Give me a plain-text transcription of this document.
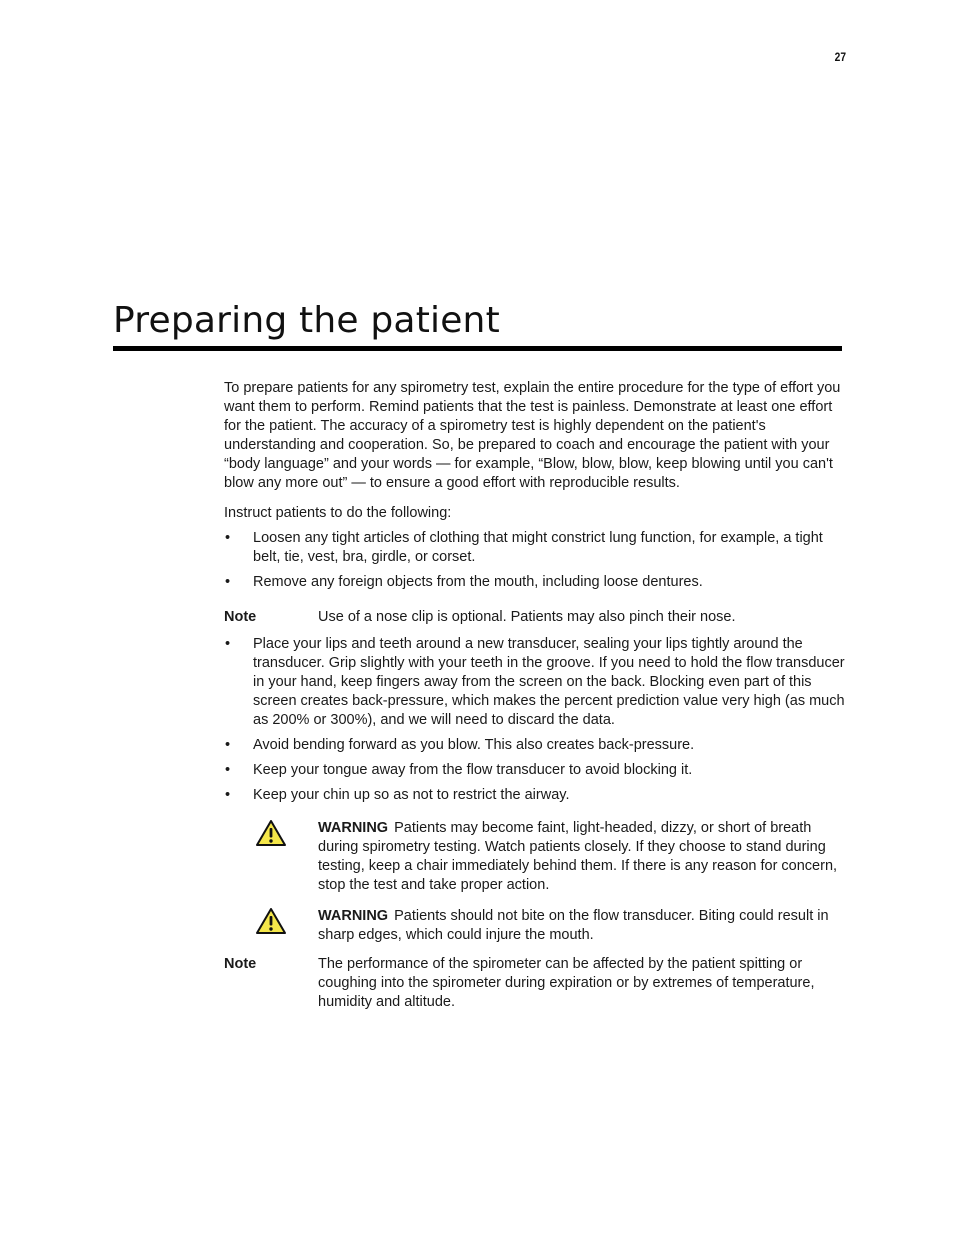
27
Preparing the patient

To prepare patients for any spirometry test, explain the entire procedure for the type of effort you want them to perform. Remind patients that the test is painless. Demonstrate at least one effort for the patient. The accuracy of a spirometry test is highly dependent on the patient's understanding and cooperation. So, be prepared to coach and encourage the patient with your “body language” and your words — for example, “Blow, blow, blow, keep blowing until you can't blow any more out” — to ensure a good effort with reproducible results.

Instruct patients to do the following:

• Loosen any tight articles of clothing that might constrict lung function, for example, a tight belt, tie, vest, bra, girdle, or corset.
• Remove any foreign objects from the mouth, including loose dentures.
Note	Use of a nose clip is optional. Patients may also pinch their nose.
• Place your lips and teeth around a new transducer, sealing your lips tightly around the transducer. Grip slightly with your teeth in the groove. If you need to hold the flow transducer in your hand, keep fingers away from the screen on the back. Blocking even part of this screen creates back-pressure, which makes the percent prediction value very high (as much as 200% or 300%), and we will need to discard the data.
• Avoid bending forward as you blow. This also creates back-pressure.
• Keep your tongue away from the flow transducer to avoid blocking it.
• Keep your chin up so as not to restrict the airway.
WARNING Patients may become faint, light-headed, dizzy, or short of breath during spirometry testing. Watch patients closely. If they choose to stand during testing, keep a chair immediately behind them. If there is any reason for concern, stop the test and take proper action.
WARNING Patients should not bite on the flow transducer. Biting could result in sharp edges, which could injure the mouth.
Note	The performance of the spirometer can be affected by the patient spitting or coughing into the spirometer during expiration or by extremes of temperature, humidity and altitude.
